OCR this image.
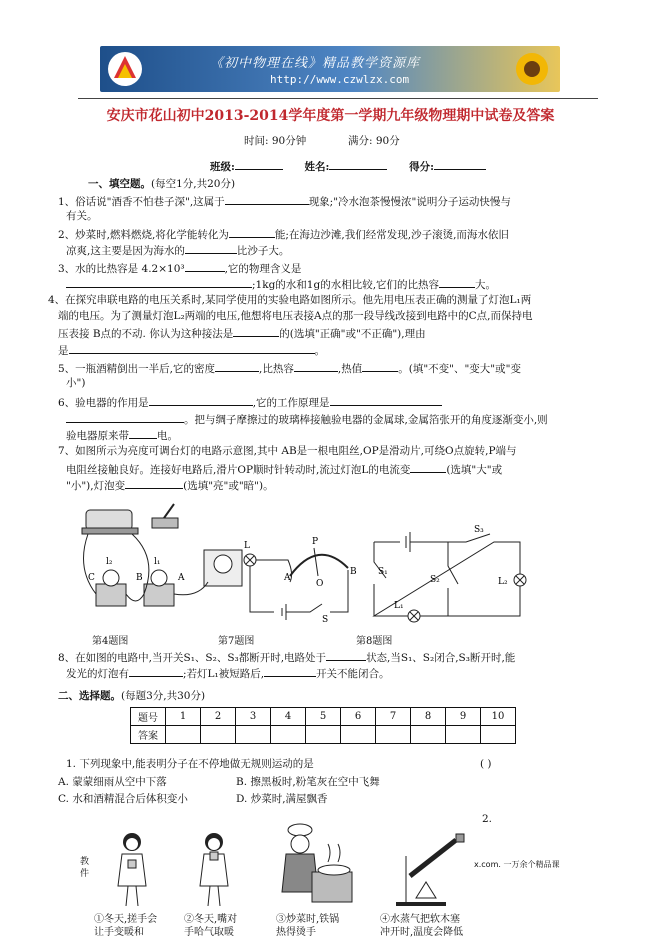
《初中物理在线》精品教学资源库
http://www.czwlzx.com
安庆市花山初中2013-2014学年度第一学期九年级物理期中试卷及答案
时间: 90分钟	满分: 90分
班级:	姓名:	得分:
一、填空题。(每空1分,共20分)
1、俗话说"酒香不怕巷子深",这属于	现象;"冷水泡茶慢慢浓"说明分子运动快慢与
有关。
2、炒菜时,燃料燃烧,将化学能转化为	能;在海边沙滩,我们经常发现,沙子滚烫,而海水依旧
凉爽,这主要是因为海水的	比沙子大。
3、水的比热容是 4.2×10³	,它的物理含义是
;1kg的水和1g的水相比较,它们的比热容	大。
4、在探究串联电路的电压关系时,某同学使用的实验电路如图所示。他先用电压表正确的测量了灯泡L₁两
端的电压。为了测量灯泡L₂两端的电压,他想将电压表接A点的那一段导线改接到电路中的C点,而保持电
压表接 B点的不动. 你认为这种接法是	的(选填"正确"或"不正确"),理由
是	。
5、一瓶酒精倒出一半后,它的密度	,比热容	,热值	。(填"不变"、"变大"或"变
小")
6、验电器的作用是	,它的工作原理是
。把与绸子摩擦过的玻璃棒接触验电器的金属球,金属箔张开的角度逐渐变小,则
验电器原来带	电。
7、如图所示为亮度可调台灯的电路示意图,其中 AB是一根电阻丝,OP是滑动片,可绕O点旋转,P端与
电阻丝接触良好。连接好电路后,滑片OP顺时针转动时,流过灯泡L的电流变	(选填"大"或
"小"),灯泡变	(选填"亮"或"暗")。
l₂	l₁
C	B	A
L	P
A
O
B
S
S₃
S₁
S₂	L₂
L₁
第4题图	第7题图	第8题图
8、在如图的电路中,当开关S₁、S₂、S₃都断开时,电路处于	状态,当S₁、S₂闭合,S₃断开时,能
发光的灯泡有	;若灯L₁被短路后,	开关不能闭合。
二、选择题。(每题3分,共30分)
题号	1	2	3	4	5	6	7	8	9	10
答案										
1. 下列现象中,能表明分子在不停地做无规则运动的是	( )
A. 蒙蒙细雨从空中下落	B. 擦黑板时,粉笔灰在空中飞舞
C. 水和酒精混合后体积变小	D. 炒菜时,满屋飘香
2.
教件
x.com. 一万余个精品课
①冬天,搓手会
让手变暖和
②冬天,嘴对
手哈气取暖
③炒菜时,铁锅
热得烫手
④水蒸气把软木塞
冲开时,温度会降低
